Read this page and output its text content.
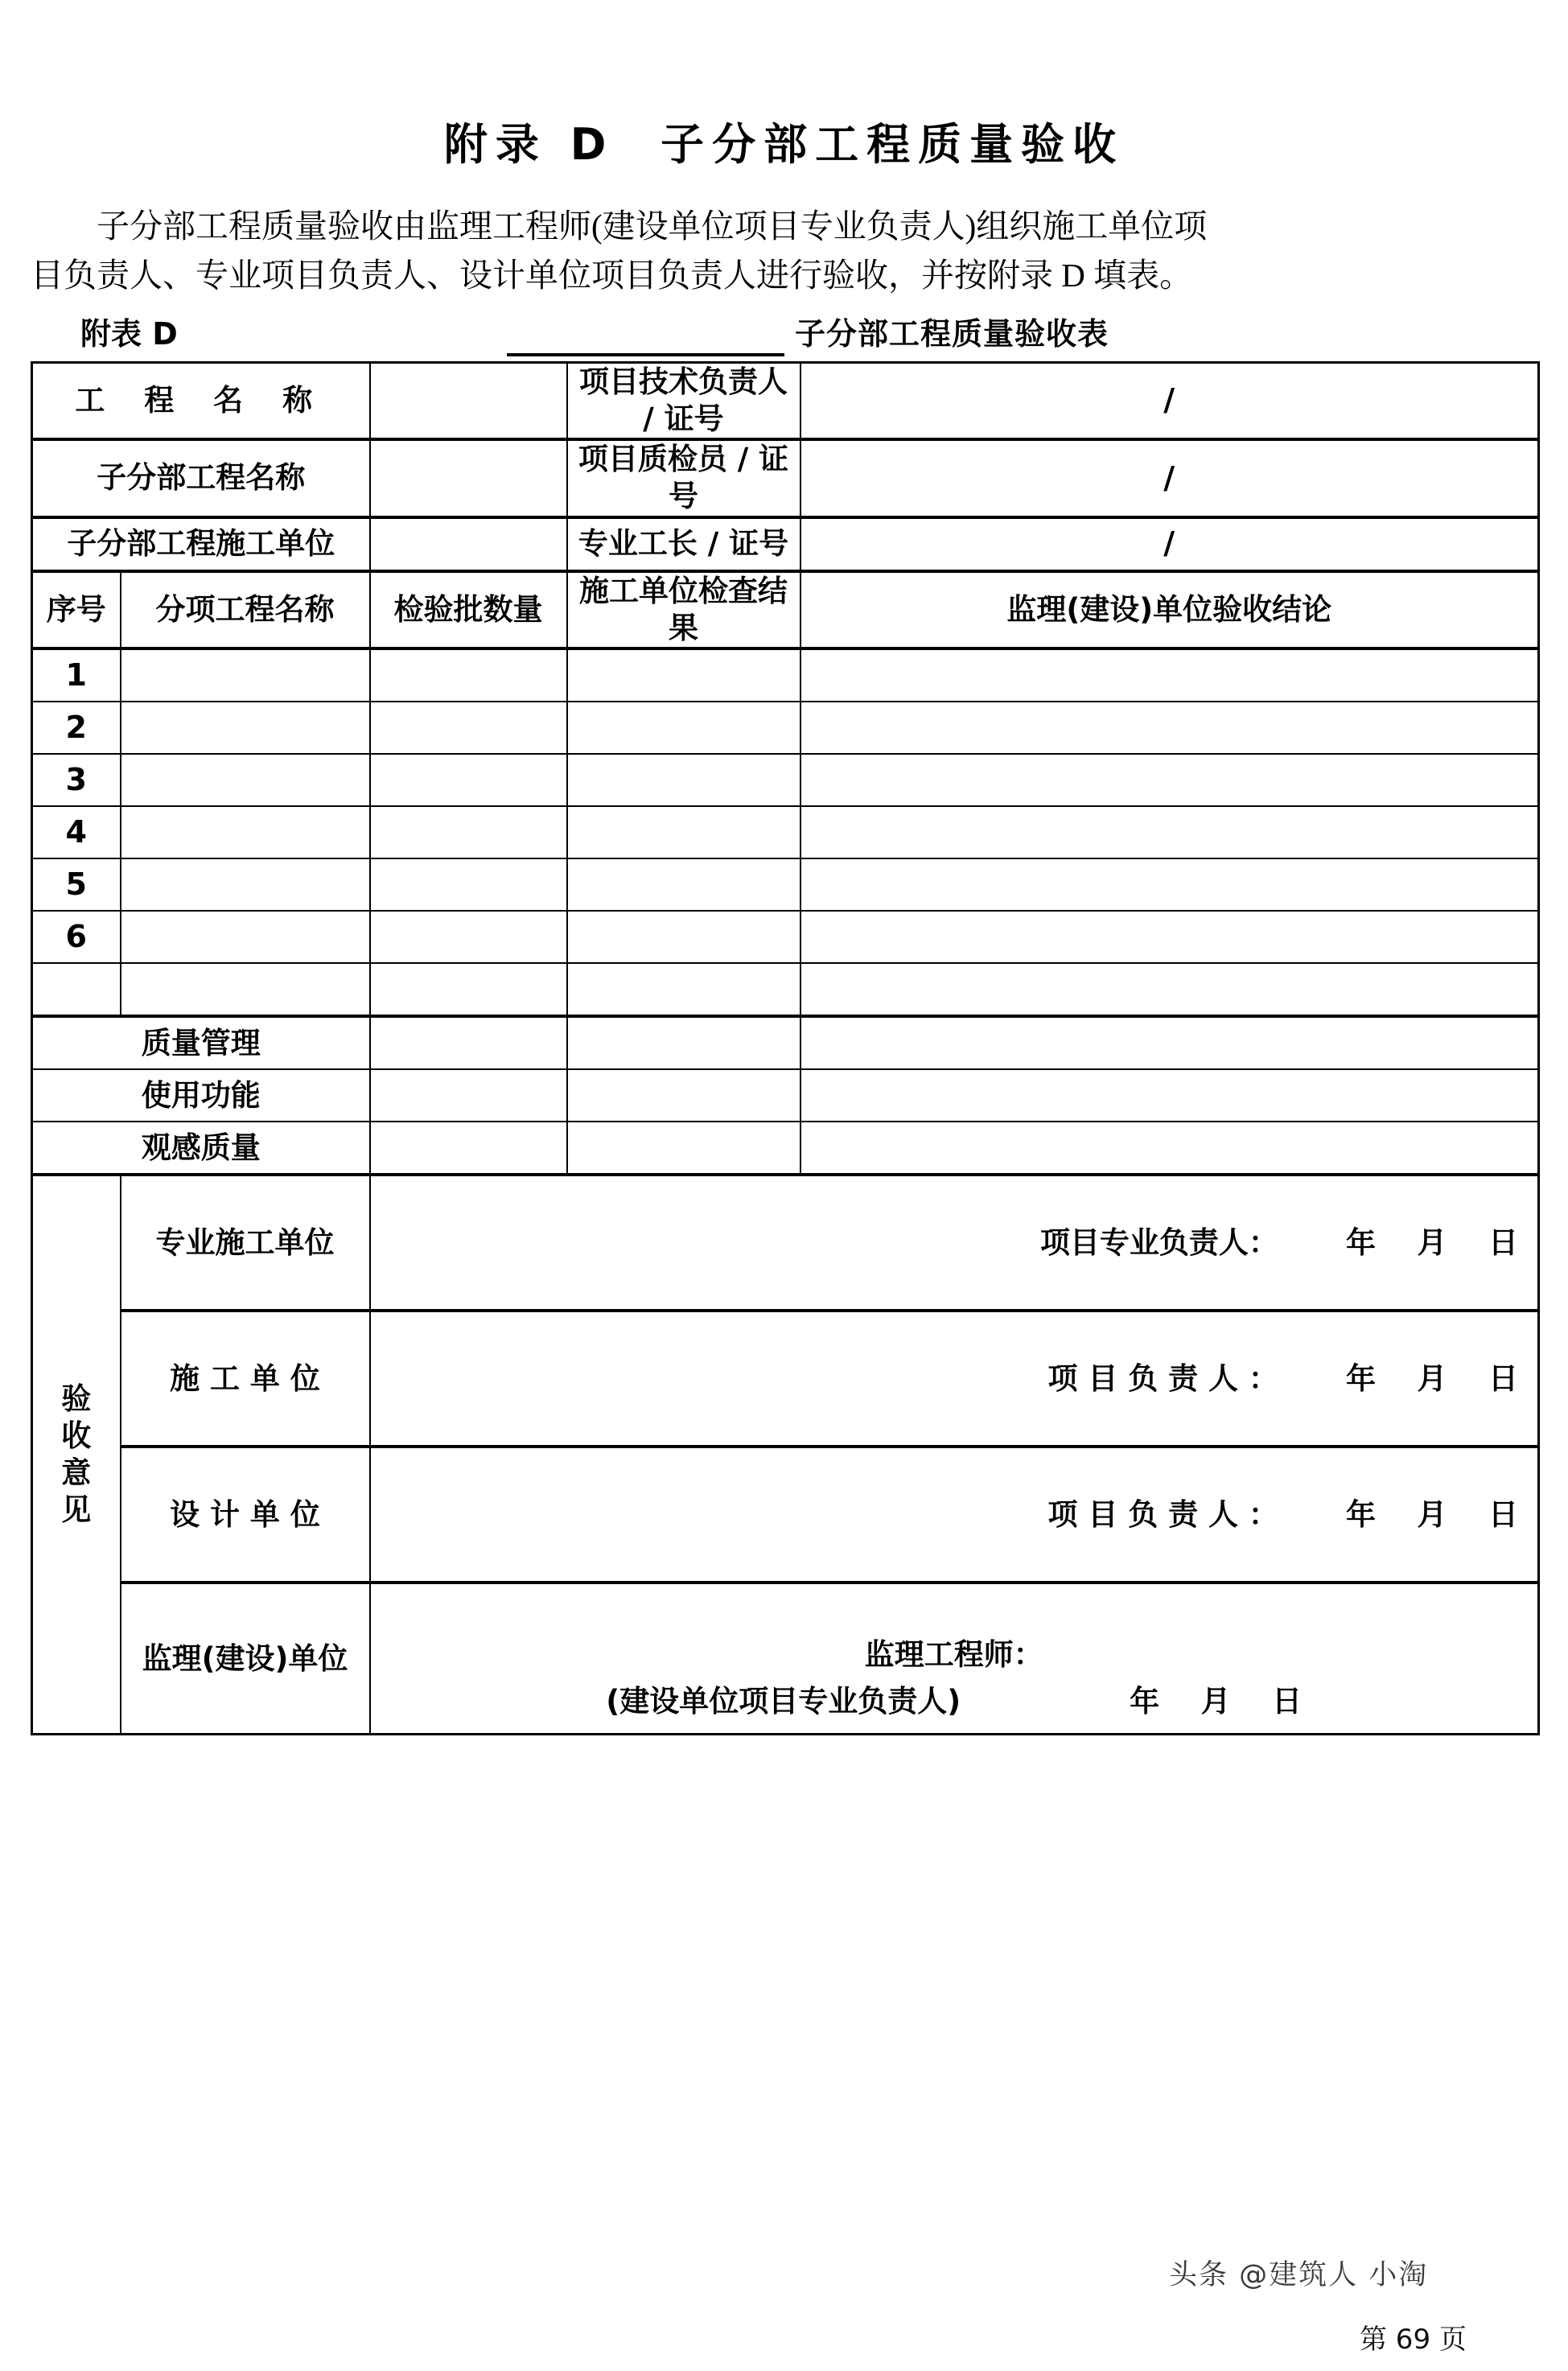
附录 D  子分部工程质量验收
子分部工程质量验收由监理工程师(建设单位项目专业负责人)组织施工单位项
目负责人、专业项目负责人、设计单位项目负责人进行验收，并按附录 D 填表。
附表 D	子分部工程质量验收表
工 程 名 称			项目技术负责人 / 证号	/
子分部工程名称			项目质检员 / 证号	/
子分部工程施工单位			专业工长 / 证号	/
序号	分项工程名称	检验批数量	施工单位检查结果	监理(建设)单位验收结论
1				
2				
3				
4				
5				
6				

质量管理				
使用功能				
观感质量				

验
收
意
见	专业施工单位	项目专业负责人： 年    月    日		

	施 工 单 位	项 目 负 责 人 ： 年    月    日		

	设 计 单 位	项 目 负 责 人 ： 年    月    日		

	监理(建设)单位	监理工程师：
(建设单位项目专业负责人) 年    月    日		
头条 @建筑人 小淘
第 69 页
